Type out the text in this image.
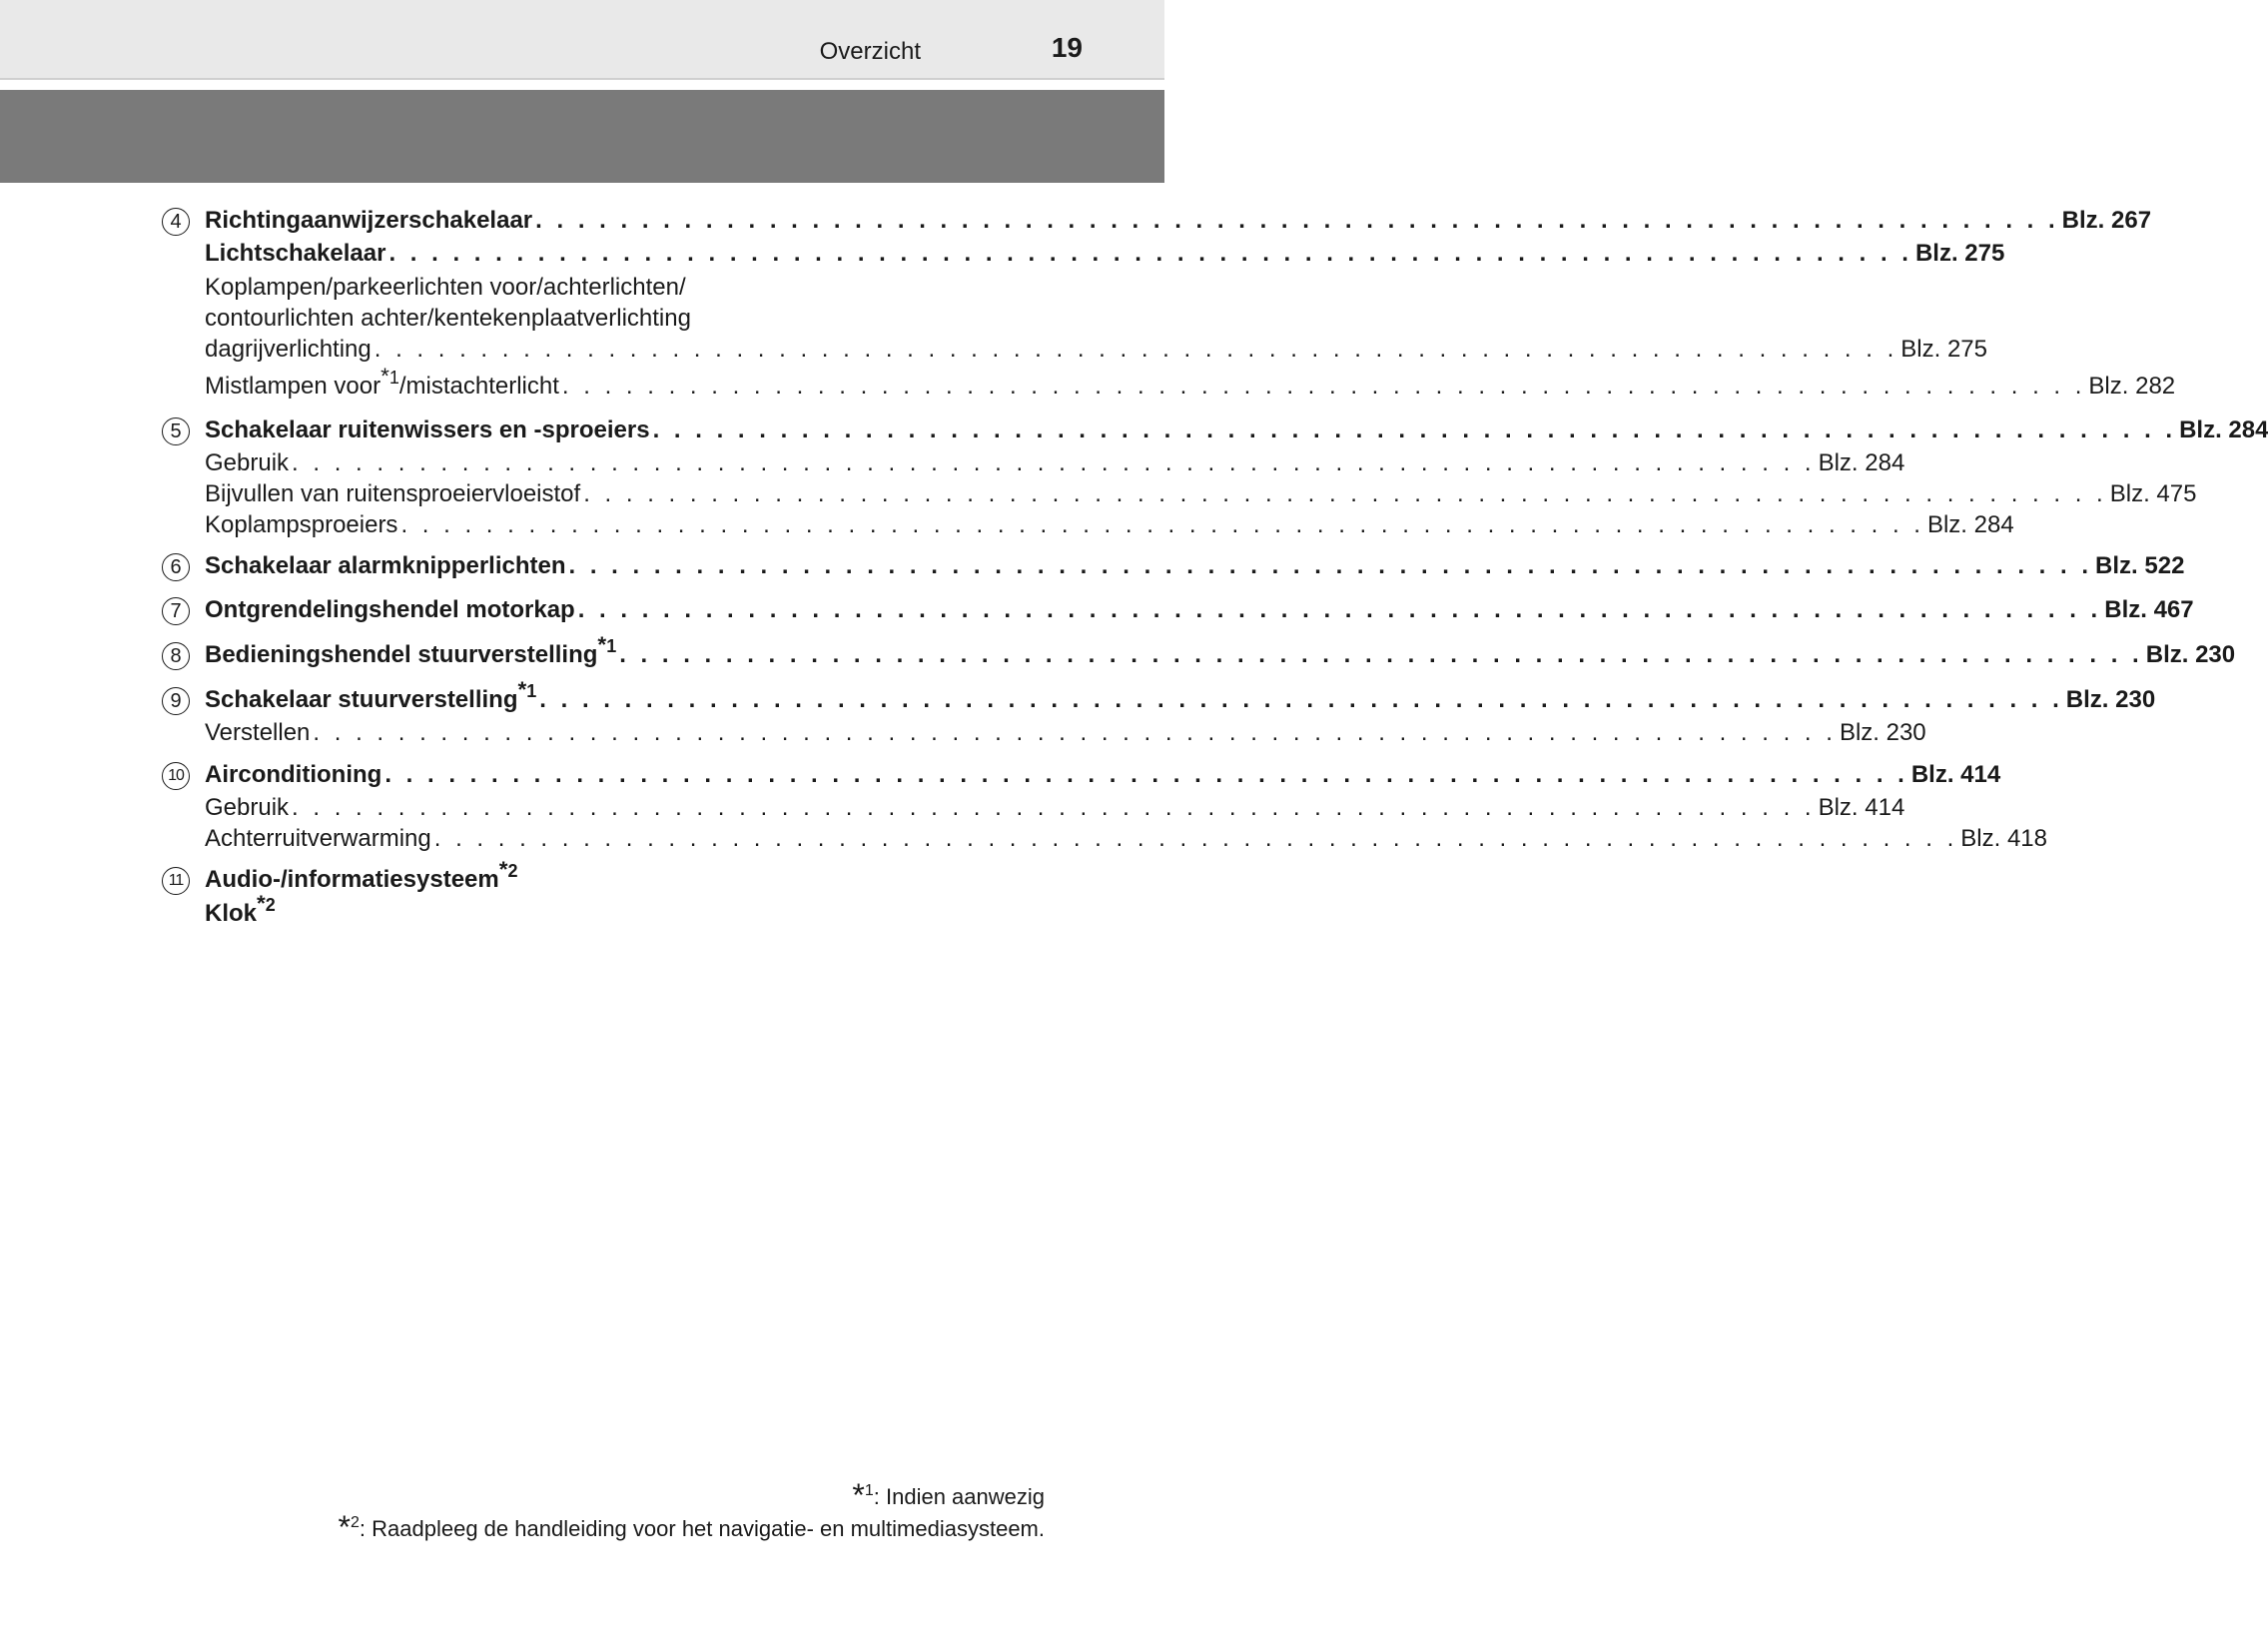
Overzicht	19
4 Richtingaanwijzerschakelaar . . . . . . . . . . . . . . . . . . . . . . . . . . . . . . . . . . . . . . . . . . . . . . . . . . . . . . . . . . . . . . . . . . . . . . . . Blz. 267
Lichtschakelaar . . . . . . . . . . . . . . . . . . . . . . . . . . . . . . . . . . . . . . . . . . . . . . . . . . . . . . . . . . . . . . . . . . . . . . . . Blz. 275
Koplampen/parkeerlichten voor/achterlichten/
contourlichten achter/kentekenplaatverlichting
dagrijverlichting . . . . . . . . . . . . . . . . . . . . . . . . . . . . . . . . . . . . . . . . . . . . . . . . . . . . . . . . . . . . . . . . . . . . . . . . Blz. 275
Mistlampen voor$^{*1}$/mistachterlicht . . . . . . . . . . . . . . . . . . . . . . . . . . . . . . . . . . . . . . . . . . . . . . . . . . . . . . . . . . . . . . . . . . . . . . . . Blz. 282
5 Schakelaar ruitenwissers en -sproeiers . . . . . . . . . . . . . . . . . . . . . . . . . . . . . . . . . . . . . . . . . . . . . . . . . . . . . . . . . . . . . . . . . . . . . . . . Blz. 284
Gebruik . . . . . . . . . . . . . . . . . . . . . . . . . . . . . . . . . . . . . . . . . . . . . . . . . . . . . . . . . . . . . . . . . . . . . . . . Blz. 284
Bijvullen van ruitensproeiervloeistof . . . . . . . . . . . . . . . . . . . . . . . . . . . . . . . . . . . . . . . . . . . . . . . . . . . . . . . . . . . . . . . . . . . . . . . . Blz. 475
Koplampsproeiers . . . . . . . . . . . . . . . . . . . . . . . . . . . . . . . . . . . . . . . . . . . . . . . . . . . . . . . . . . . . . . . . . . . . . . . . Blz. 284
6 Schakelaar alarmknipperlichten . . . . . . . . . . . . . . . . . . . . . . . . . . . . . . . . . . . . . . . . . . . . . . . . . . . . . . . . . . . . . . . . . . . . . . . . Blz. 522
7 Ontgrendelingshendel motorkap . . . . . . . . . . . . . . . . . . . . . . . . . . . . . . . . . . . . . . . . . . . . . . . . . . . . . . . . . . . . . . . . . . . . . . . . Blz. 467
8 Bedieningshendel stuurverstelling$^{*1}$ . . . . . . . . . . . . . . . . . . . . . . . . . . . . . . . . . . . . . . . . . . . . . . . . . . . . . . . . . . . . . . . . . . . . . . . . Blz. 230
9 Schakelaar stuurverstelling$^{*1}$ . . . . . . . . . . . . . . . . . . . . . . . . . . . . . . . . . . . . . . . . . . . . . . . . . . . . . . . . . . . . . . . . . . . . . . . . Blz. 230
Verstellen . . . . . . . . . . . . . . . . . . . . . . . . . . . . . . . . . . . . . . . . . . . . . . . . . . . . . . . . . . . . . . . . . . . . . . . . Blz. 230
10 Airconditioning . . . . . . . . . . . . . . . . . . . . . . . . . . . . . . . . . . . . . . . . . . . . . . . . . . . . . . . . . . . . . . . . . . . . . . . . Blz. 414
Gebruik . . . . . . . . . . . . . . . . . . . . . . . . . . . . . . . . . . . . . . . . . . . . . . . . . . . . . . . . . . . . . . . . . . . . . . . . Blz. 414
Achterruitverwarming . . . . . . . . . . . . . . . . . . . . . . . . . . . . . . . . . . . . . . . . . . . . . . . . . . . . . . . . . . . . . . . . . . . . . . . . Blz. 418
11 Audio-/informatiesysteem$^{*2}$
Klok$^{*2}$
*$^1$: Indien aanwezig
*$^2$: Raadpleeg de handleiding voor het navigatie- en multimediasysteem.
